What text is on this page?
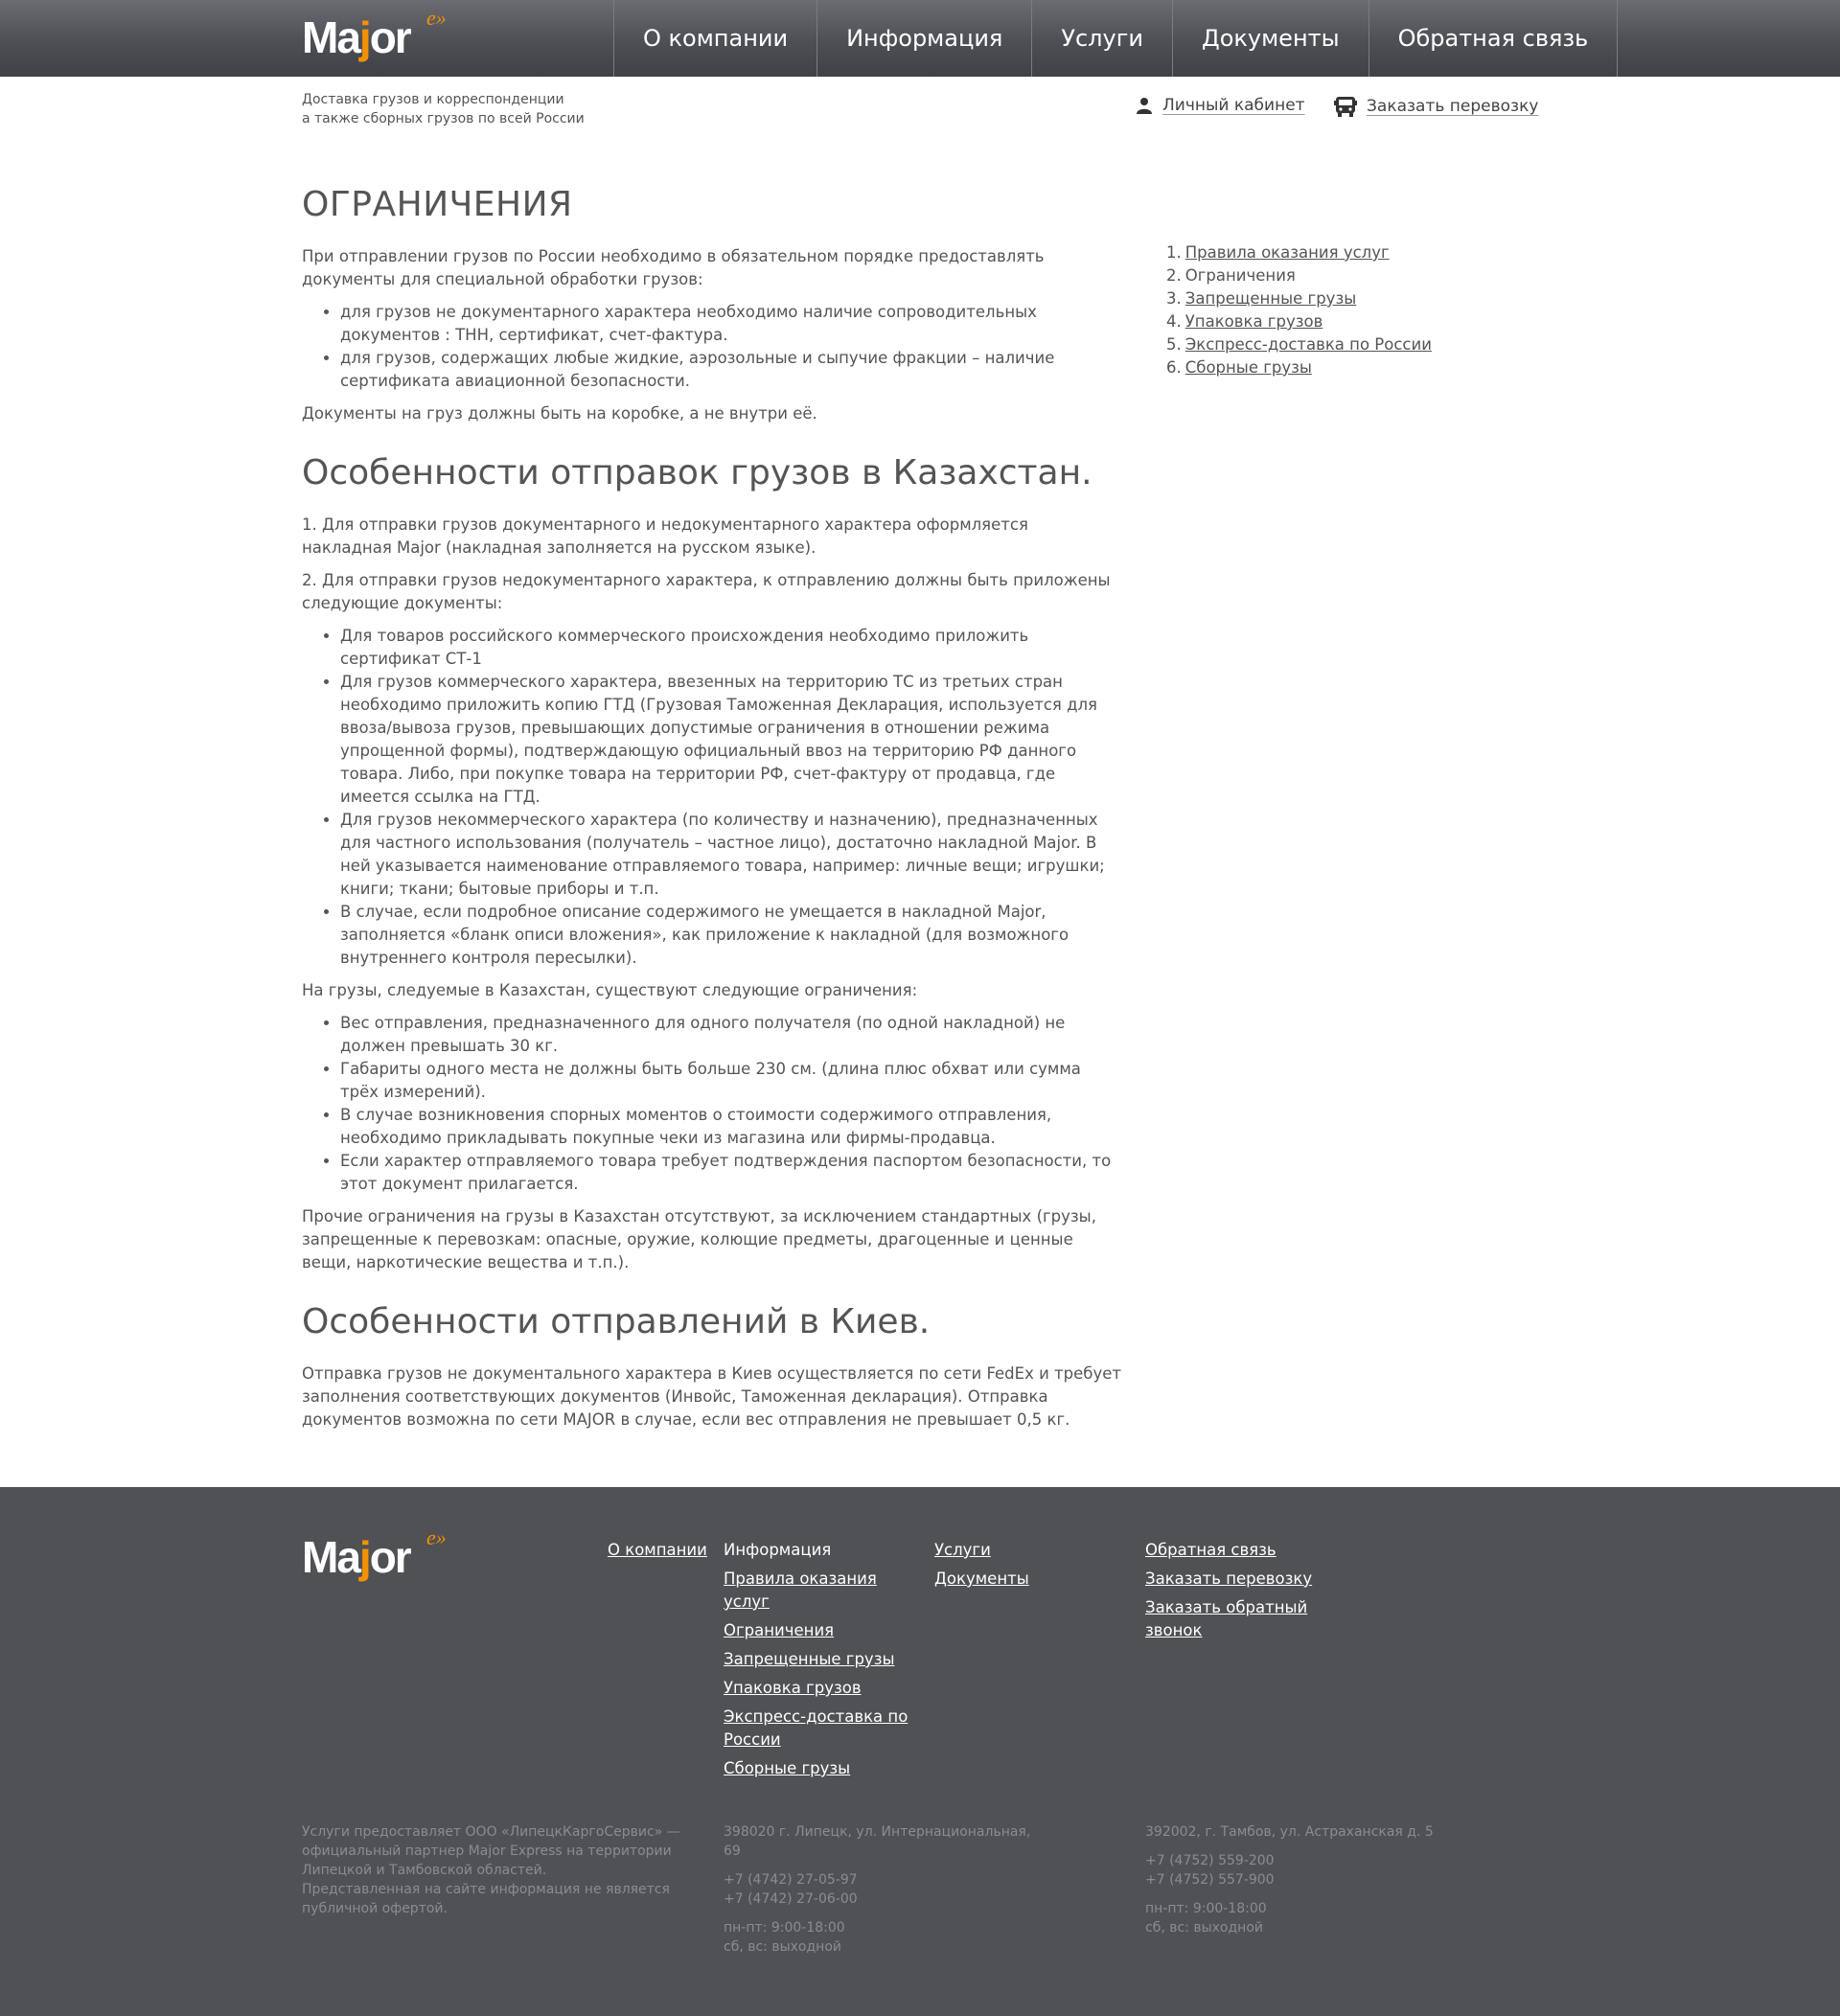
Major e»
О компании	Информация	Услуги	Документы	Обратная связь
Доставка грузов и корреспонденции
а также сборных грузов по всей России
Личный кабинет	Заказать перевозку
ОГРАНИЧЕНИЯ

При отправлении грузов по России необходимо в обязательном порядке предоставлять документы для специальной обработки грузов:

• для грузов не документарного характера необходимо наличие сопроводительных документов : ТНН, сертификат, счет-фактура.
• для грузов, содержащих любые жидкие, аэрозольные и сыпучие фракции – наличие сертификата авиационной безопасности.

Документы на груз должны быть на коробке, а не внутри её.

Особенности отправок грузов в Казахстан.

1. Для отправки грузов документарного и недокументарного характера оформляется накладная Major (накладная заполняется на русском языке).

2. Для отправки грузов недокументарного характера, к отправлению должны быть приложены следующие документы:

• Для товаров российского коммерческого происхождения необходимо приложить сертификат СТ-1
• Для грузов коммерческого характера, ввезенных на территорию ТС из третьих стран необходимо приложить копию ГТД (Грузовая Таможенная Декларация, используется для ввоза/вывоза грузов, превышающих допустимые ограничения в отношении режима упрощенной формы), подтверждающую официальный ввоз на территорию РФ данного товара. Либо, при покупке товара на территории РФ, счет-фактуру от продавца, где имеется ссылка на ГТД.
• Для грузов некоммерческого характера (по количеству и назначению), предназначенных для частного использования (получатель – частное лицо), достаточно накладной Major. В ней указывается наименование отправляемого товара, например: личные вещи; игрушки; книги; ткани; бытовые приборы и т.п.
• В случае, если подробное описание содержимого не умещается в накладной Major, заполняется «бланк описи вложения», как приложение к накладной (для возможного внутреннего контроля пересылки).

На грузы, следуемые в Казахстан, существуют следующие ограничения:

• Вес отправления, предназначенного для одного получателя (по одной накладной) не должен превышать 30 кг.
• Габариты одного места не должны быть больше 230 см. (длина плюс обхват или сумма трёх измерений).
• В случае возникновения спорных моментов о стоимости содержимого отправления, необходимо прикладывать покупные чеки из магазина или фирмы-продавца.
• Если характер отправляемого товара требует подтверждения паспортом безопасности, то этот документ прилагается.

Прочие ограничения на грузы в Казахстан отсутствуют, за исключением стандартных (грузы, запрещенные к перевозкам: опасные, оружие, колющие предметы, драгоценные и ценные вещи, наркотические вещества и т.п.).

Особенности отправлений в Киев.

Отправка грузов не документального характера в Киев осуществляется по сети FedEx и требует заполнения соответствующих документов (Инвойс, Таможенная декларация). Отправка документов возможна по сети MAJOR в случае, если вес отправления не превышает 0,5 кг.

1. Правила оказания услуг
2. Ограничения
3. Запрещенные грузы
4. Упаковка грузов
5. Экспресс-доставка по России
6. Сборные грузы
Major e»
О компании Информация
Правила оказания услуг
Ограничения
Запрещенные грузы
Упаковка грузов
Экспресс-доставка по России
Сборные грузы
Услуги
Документы
Обратная связь
Заказать перевозку
Заказать обратный звонок
Услуги предоставляет ООО «ЛипецкКаргоСервис» — официальный партнер Major Express на территории Липецкой и Тамбовской областей.
Представленная на сайте информация не является публичной офертой.
398020 г. Липецк, ул. Интернациональная, 69
+7 (4742) 27-05-97
+7 (4742) 27-06-00
пн-пт: 9:00-18:00
сб, вс: выходной
392002, г. Тамбов, ул. Астраханская д. 5
+7 (4752) 559-200
+7 (4752) 557-900
пн-пт: 9:00-18:00
сб, вс: выходной
